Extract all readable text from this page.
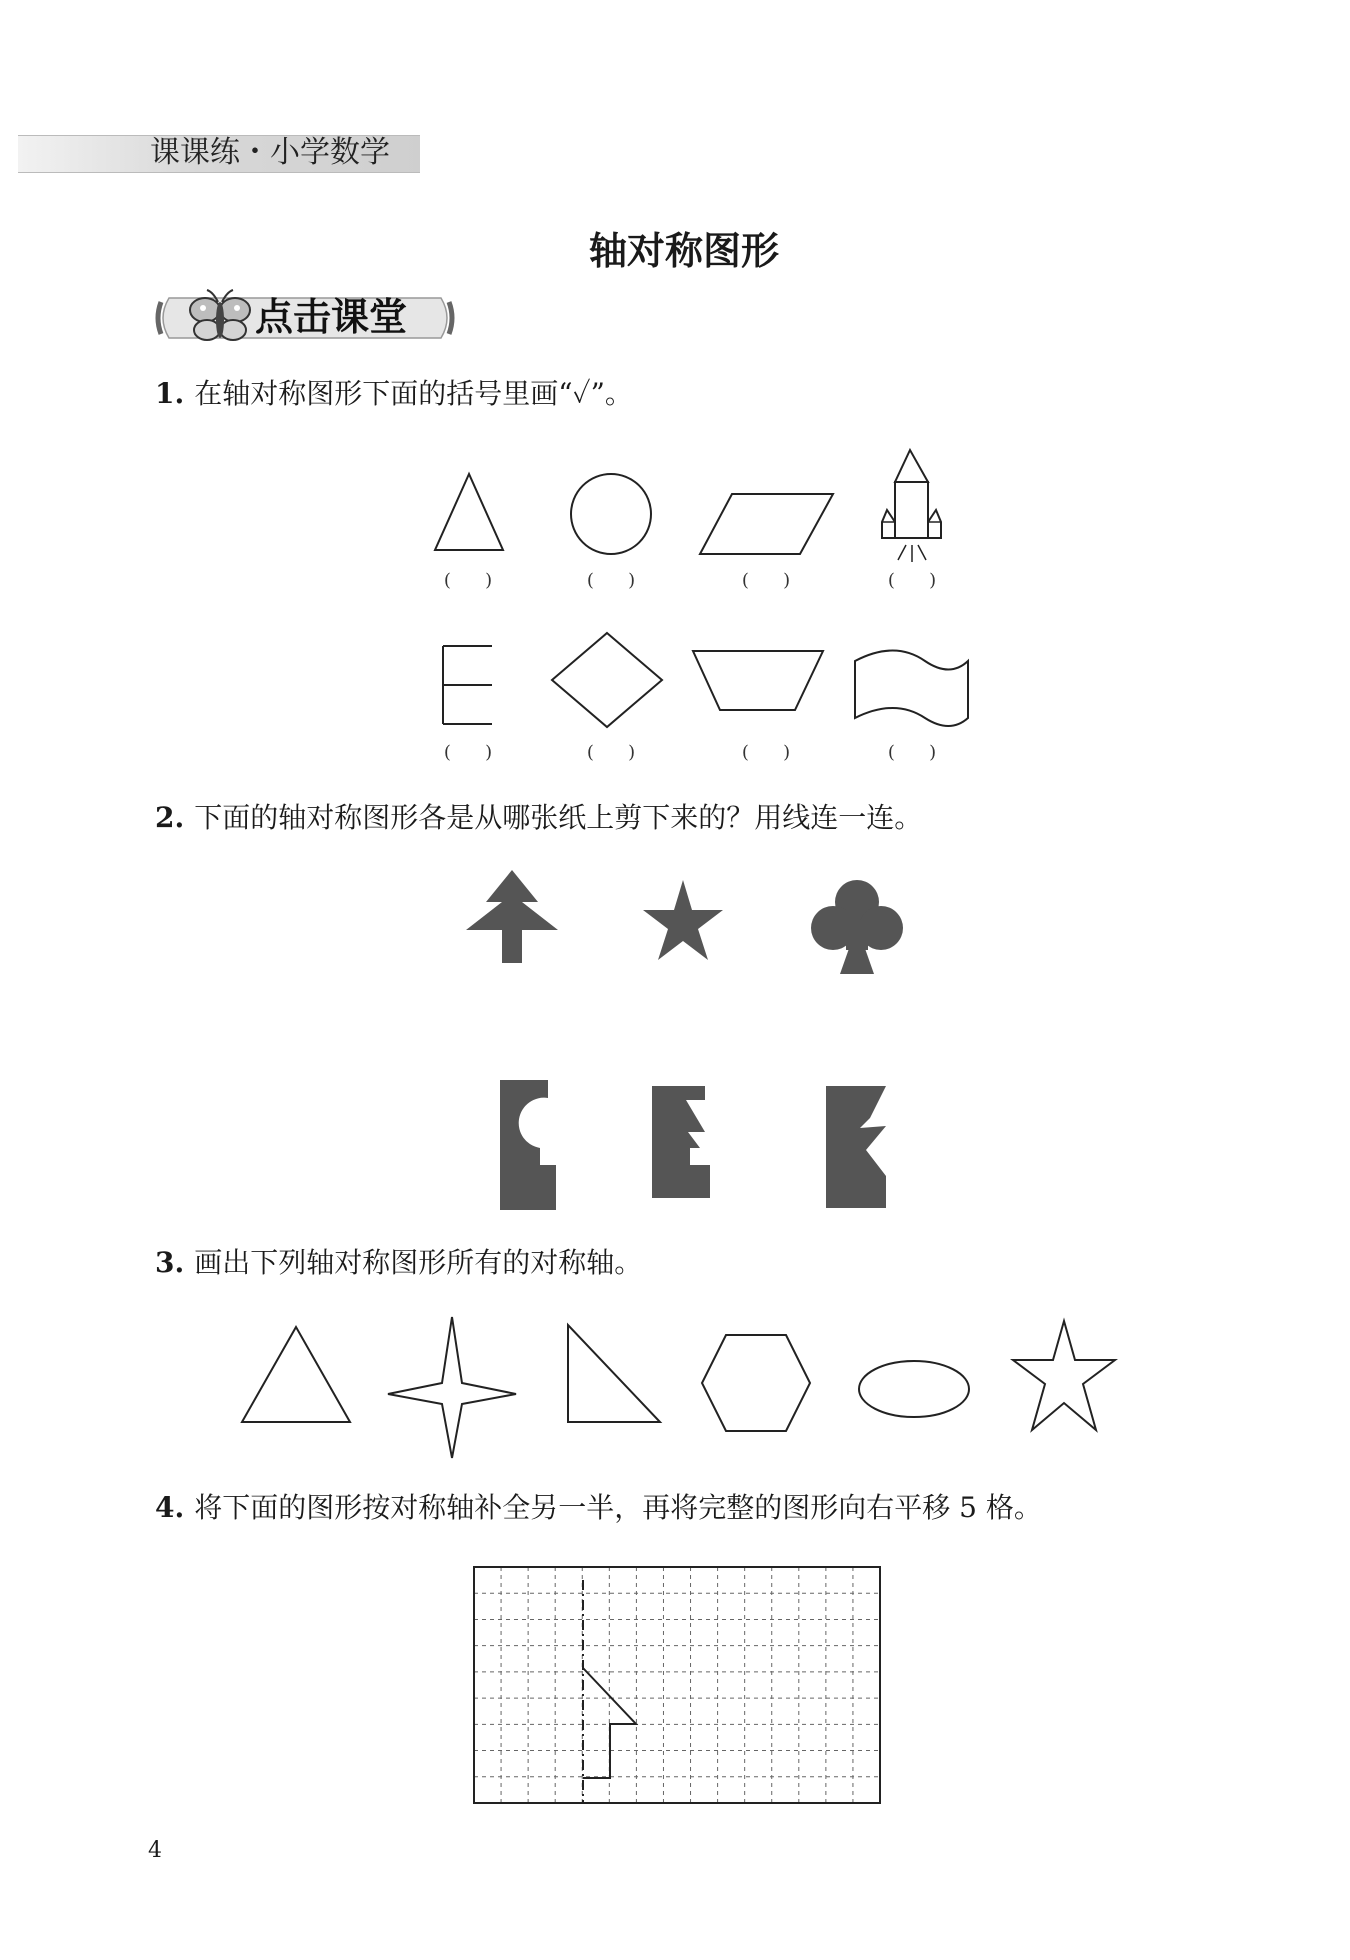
课课练・小学数学
轴对称图形
点击课堂
1. 在轴对称图形下面的括号里画“✓”。
(      )	(      )	(      )	(      )
(      )	(      )	(      )	(      )
2. 下面的轴对称图形各是从哪张纸上剪下来的？用线连一连。
3. 画出下列轴对称图形所有的对称轴。
4. 将下面的图形按对称轴补全另一半，再将完整的图形向右平移 5 格。
4
